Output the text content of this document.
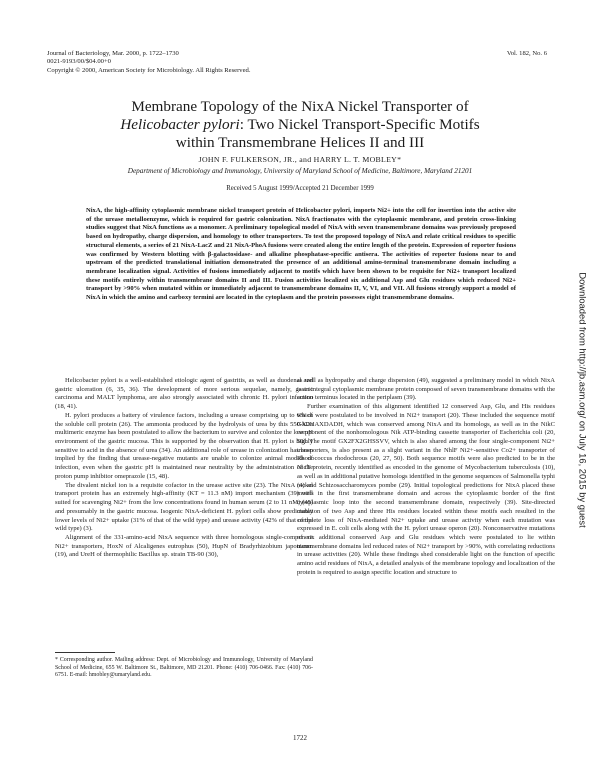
Journal of Bacteriology, Mar. 2000, p. 1722–1730
0021-9193/00/$04.00+0
Copyright © 2000, American Society for Microbiology. All Rights Reserved.
Vol. 182, No. 6
Membrane Topology of the NixA Nickel Transporter of
Helicobacter pylori: Two Nickel Transport-Specific Motifs
within Transmembrane Helices II and III
JOHN F. FULKERSON, JR., and HARRY L. T. MOBLEY*
Department of Microbiology and Immunology, University of Maryland School of Medicine, Baltimore, Maryland 21201
Received 5 August 1999/Accepted 21 December 1999

NixA, the high-affinity cytoplasmic membrane nickel transport protein of Helicobacter pylori, imports Ni2+ into the cell for insertion into the active site of the urease metalloenzyme, which is required for gastric colonization. NixA fractionates with the cytoplasmic membrane, and protein cross-linking studies suggest that NixA functions as a monomer. A preliminary topological model of NixA with seven transmembrane domains was previously proposed based on hydropathy, charge dispersion, and homology to other transporters. To test the proposed topology of NixA and relate critical residues to specific structural elements, a series of 21 NixA-LacZ and 21 NixA-PhoA fusions were created along the entire length of the protein. Expression of reporter fusions was confirmed by Western blotting with β-galactosidase- and alkaline phosphatase-specific antisera. The activities of reporter fusions near to and upstream of the predicted translational initiation demonstrated the presence of an additional amino-terminal transmembrane domain including a membrane localization signal. Activities of fusions immediately adjacent to motifs which have been shown to be requisite for Ni2+ transport localized these motifs entirely within transmembrane domains II and III. Fusion activities localized six additional Asp and Glu residues which reduced Ni2+ transport by >90% when mutated within or immediately adjacent to transmembrane domains II, V, VI, and VII. All fusions strongly support a model of NixA in which the amino and carboxy termini are located in the cytoplasm and the protein possesses eight transmembrane domains.

Helicobacter pylori is a well-established etiologic agent of gastritis, as well as duodenal and gastric ulceration (6, 35, 36). The development of more serious sequelae, namely, gastric carcinoma and MALT lymphoma, are also strongly associated with chronic H. pylori infection (18, 41).

H. pylori produces a battery of virulence factors, including a urease comprising up to 6% of the soluble cell protein (26). The ammonia produced by the hydrolysis of urea by this 550-kDa multimeric enzyme has been postulated to allow the bacterium to survive and colonize the low pH environment of the gastric mucosa. This is supported by the observation that H. pylori is highly sensitive to acid in the absence of urea (34). An additional role of urease in colonization has been implied by the finding that urease-negative mutants are unable to colonize animal models of infection, even when the gastric pH is maintained near neutrality by the administration of the proton pump inhibitor omeprazole (15, 48).

The divalent nickel ion is a requisite cofactor in the urease active site (23). The NixA nickel transport protein has an extremely high-affinity (KT = 11.3 nM) import mechanism (39) well suited for scavenging Ni2+ from the low concentrations found in human serum (2 to 11 nM) (45) and presumably in the gastric mucosa. Isogenic NixA-deficient H. pylori cells show predictably lower levels of Ni2+ uptake (31% of that of the wild type) and urease activity (42% of that of the wild type) (3).

Alignment of the 331-amino-acid NixA sequence with three homologous single-component Ni2+ transporters, HoxN of Alcaligenes eutrophus (50), HupN of Bradyrhizobium japonicum (19), and UreH of thermophilic Bacillus sp. strain TB-90 (30),

as well as hydropathy and charge dispersion (49), suggested a preliminary model in which NixA is an integral cytoplasmic membrane protein composed of seven transmembrane domains with the amino terminus located in the periplasm (39).

Further examination of this alignment identified 12 conserved Asp, Glu, and His residues which were postulated to be involved in Ni2+ transport (20). These included the sequence motif GX2HAXDADH, which was conserved among NixA and its homologs, as well as in the NikC component of the nonhomologous Nik ATP-binding cassette transporter of Escherichia coli (20, 50). The motif GX2FX2GHSSVV, which is also shared among the four single-component Ni2+ transporters, is also present as a slight variant in the NhlF Ni2+-sensitive Co2+ transporter of Rhodococcus rhodochrous (20, 27, 50). Both sequence motifs were also predicted to be in the NicT protein, recently identified as encoded in the genome of Mycobacterium tuberculosis (10), as well as in additional putative homologs identified in the genome sequences of Salmonella typhi (4) and Schizosaccharomyces pombe (29). Initial topological predictions for NixA placed these motifs in the first transmembrane domain and across the cytoplasmic border of the first cytoplasmic loop into the second transmembrane domain, respectively (39). Site-directed mutation of two Asp and three His residues located within these motifs each resulted in the complete loss of NixA-mediated Ni2+ uptake and urease activity when each mutation was expressed in E. coli cells along with the H. pylori urease operon (20). Nonconservative mutations of six additional conserved Asp and Glu residues which were postulated to lie within transmembrane domains led reduced rates of Ni2+ transport by >90%, with correlating reductions in urease activities (20). While these findings shed considerable light on the function of specific amino acid residues of NixA, a detailed analysis of the membrane topology and localization of the protein is required to assign specific location and structure to

* Corresponding author. Mailing address: Dept. of Microbiology and Immunology, University of Maryland School of Medicine, 655 W. Baltimore St., Baltimore, MD 21201. Phone: (410) 706-0466. Fax: (410) 706-6751. E-mail: hmobley@umaryland.edu.
1722
Downloaded from http://jb.asm.org/ on July 16, 2015 by guest
